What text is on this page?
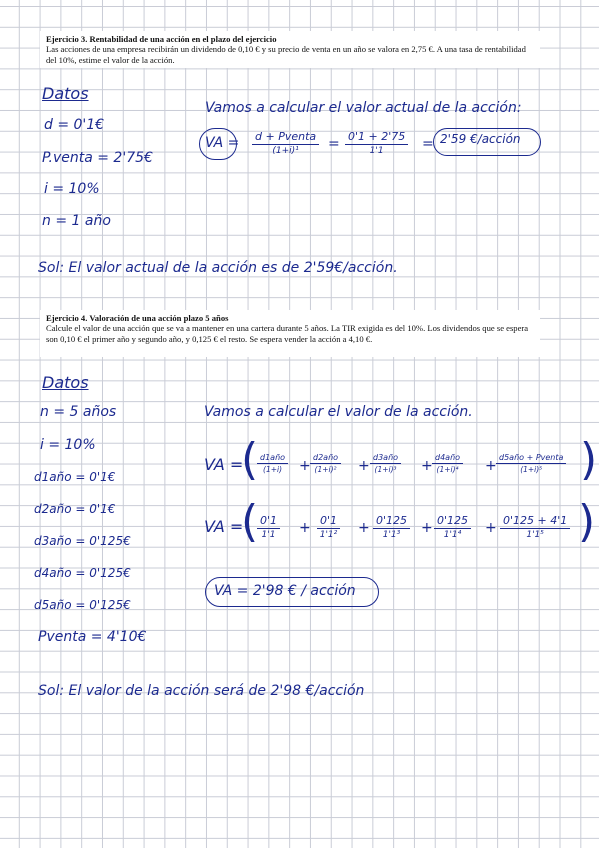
Ejercicio 3. Rentabilidad de una acción en el plazo del ejercicio
Las acciones de una empresa recibirán un dividendo de 0,10 € y su precio de venta en un año se valora en 2,75 €. A una tasa de rentabilidad del 10%, estime el valor de la acción.
Datos
d = 0'1€
P.venta = 2'75€
i = 10%
n = 1 año
Vamos a calcular el valor actual de la acción:
VA = d + Pventa
(1+i)¹ = 0'1 + 2'75
1'1	= 2'59 €/acción
Sol: El valor actual de la acción es de 2'59€/acción.
Ejercicio 4. Valoración de una acción plazo 5 años
Calcule el valor de una acción que se va a mantener en una cartera durante 5 años. La TIR exigida es del 10%. Los dividendos que se espera son 0,10 € el primer año y segundo año, y 0,125 € el resto. Se espera vender la acción a 4,10 €.
Datos
n = 5 años
i = 10%
d1año = 0'1€
d2año = 0'1€
d3año = 0'125€
d4año = 0'125€
d5año = 0'125€
Pventa = 4'10€
Vamos a calcular el valor de la acción.
VA =
( d1año
(1+i) +
d2año
(1+i)² +
d3año
(1+i)³ +
d4año
(1+i)⁴ +
d5año + Pventa
(1+i)⁵ )
VA =
( 0'1
1'1 + 0'1
1'1² + 0'125
1'1³ + 0'125
1'1⁴ + 0'125 + 4'1
1'1⁵ )
VA = 2'98 € / acción
Sol: El valor de la acción será de 2'98 €/acción
